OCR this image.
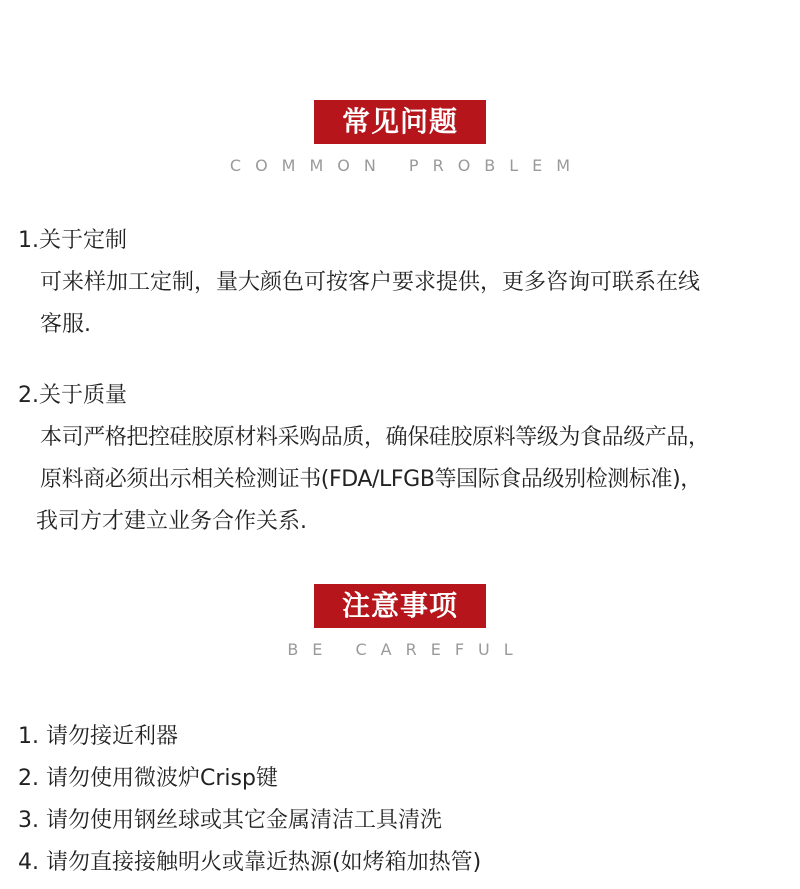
常见问题
COMMON PROBLEM
1.关于定制
可来样加工定制，量大颜色可按客户要求提供，更多咨询可联系在线
客服.
2.关于质量
本司严格把控硅胶原材料采购品质，确保硅胶原料等级为食品级产品，
原料商必须出示相关检测证书(FDA/LFGB等国际食品级别检测标准)，
我司方才建立业务合作关系.
注意事项
BE CAREFUL
1. 请勿接近利器
2. 请勿使用微波炉Crisp键
3. 请勿使用钢丝球或其它金属清洁工具清洗
4. 请勿直接接触明火或靠近热源(如烤箱加热管)
